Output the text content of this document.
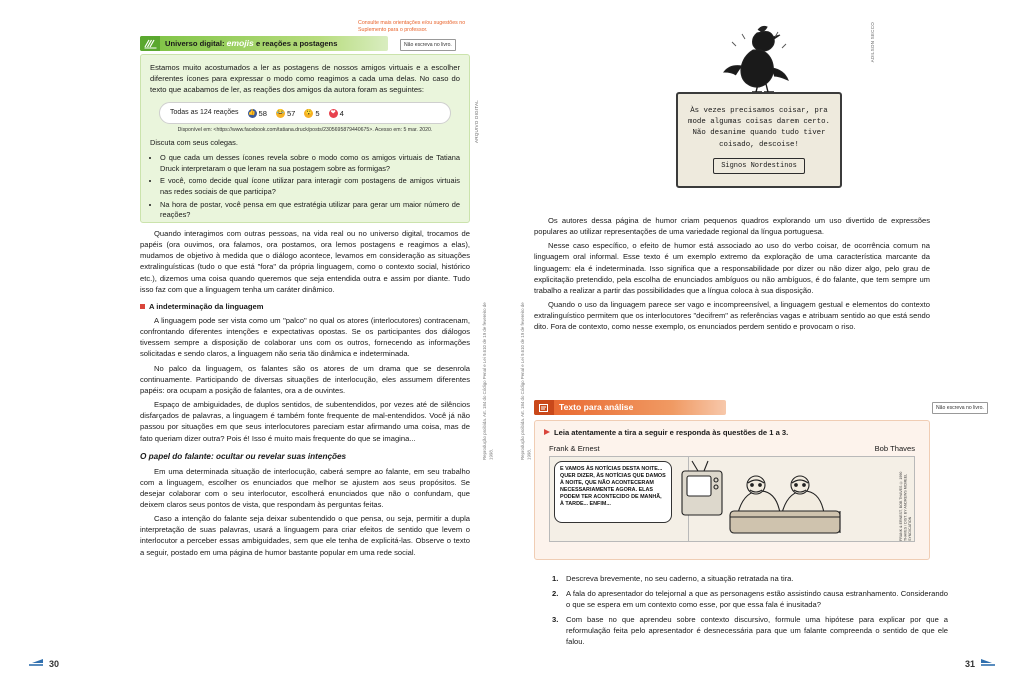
Consulte mais orientações e/ou sugestões no Suplemento para o professor.
Universo digital: emojis e reações a postagens	Não escreva no livro.

Estamos muito acostumados a ler as postagens de nossos amigos virtuais e a escolher diferentes ícones para expressar o modo como reagimos a cada uma delas. No caso do texto que acabamos de ler, as reações dos amigos da autora foram as seguintes:

Todas as 124 reações 👍 58 😂 57 😲 5	❤ 4
Disponível em: <https://www.facebook.com/tatiana.druck/posts/2305695879440675>. Acesso em: 5 mar. 2020.
Discuta com seus colegas.
• O que cada um desses ícones revela sobre o modo como os amigos virtuais de Tatiana Druck interpretaram o que leram na sua postagem sobre as formigas?
• E você, como decide qual ícone utilizar para interagir com postagens de amigos virtuais nas redes sociais de que participa?
• Na hora de postar, você pensa em que estratégia utilizar para gerar um maior número de reações?
ARQUIVO DIGITAL

Quando interagimos com outras pessoas, na vida real ou no universo digital, trocamos de papéis (ora ouvimos, ora falamos, ora postamos, ora lemos postagens e reagimos a elas), mudamos de objetivo à medida que o diálogo acontece, levamos em consideração as situações extralinguísticas (tudo o que está "fora" da própria linguagem, como o contexto social, histórico etc.), dizemos uma coisa quando queremos que seja entendida outra e assim por diante. Tudo isso faz com que a linguagem tenha um caráter dinâmico.

A indeterminação da linguagem

A linguagem pode ser vista como um "palco" no qual os atores (interlocutores) contracenam, confrontando diferentes intenções e expectativas opostas. Se os participantes dos diálogos tivessem sempre a disposição de colaborar uns com os outros, fornecendo as informações solicitadas e sendo claros, a linguagem não seria tão dinâmica e indeterminada.

No palco da linguagem, os falantes são os atores de um drama que se desenrola continuamente. Participando de diversas situações de interlocução, eles assumem diferentes papéis: ora ocupam a posição de falantes, ora a de ouvintes.

Espaço de ambiguidades, de duplos sentidos, de subentendidos, por vezes até de silêncios disfarçados de palavras, a linguagem é também fonte frequente de mal-entendidos. Você já não passou por situações em que seus interlocutores pareciam estar afirmando uma coisa, mas de fato queriam dizer outra? Pois é! Isso é muito mais frequente do que se imagina...

O papel do falante: ocultar ou revelar suas intenções

Em uma determinada situação de interlocução, caberá sempre ao falante, em seu trabalho com a linguagem, escolher os enunciados que melhor se ajustem aos seus propósitos. Se desejar colaborar com o seu interlocutor, escolherá enunciados que não o confundam, que deixem claros seus pontos de vista, que respondam às perguntas feitas.

Caso a intenção do falante seja deixar subentendido o que pensa, ou seja, permitir a dupla interpretação de suas palavras, usará a linguagem para criar efeitos de sentido que levem o interlocutor a perceber essas ambiguidades, sem que ele tenha de explicitá-las. Observe o texto a seguir, postado em uma página de humor bastante popular em uma rede social.

Reprodução proibida. Art. 184 do Código Penal e Lei 9.610 de 19 de fevereiro de 1998.
30
ADILSON SECCO
Às vezes precisamos coisar, pra mode algumas coisas darem certo. Não desanime quando tudo tiver coisado, descoise!
Signos Nordestinos

Os autores dessa página de humor criam pequenos quadros explorando um uso divertido de expressões populares ao utilizar representações de uma variedade regional da língua portuguesa.

Nesse caso específico, o efeito de humor está associado ao uso do verbo coisar, de ocorrência comum na linguagem oral informal. Esse texto é um exemplo extremo da exploração de uma característica marcante da linguagem: ela é indeterminada. Isso significa que a responsabilidade por dizer ou não dizer algo, pelo grau de explicitação pretendido, pela escolha de enunciados ambíguos ou não ambíguos, é do falante, que tem sempre um trabalho a realizar a partir das possibilidades que a língua coloca à sua disposição.

Quando o uso da linguagem parece ser vago e incompreensível, a linguagem gestual e elementos do contexto extralinguístico permitem que os interlocutores "decifrem" as referências vagas e atribuam sentido ao que está sendo dito. Fora de contexto, como nesse exemplo, os enunciados perdem sentido e provocam o riso.

Texto para análise	Não escreva no livro.
Leia atentamente a tira a seguir e responda às questões de 1 a 3.
Frank & Ernest	Bob Thaves
E VAMOS ÀS NOTÍCIAS DESTA NOITE... QUER DIZER, ÀS NOTÍCIAS QUE DAMOS À NOITE, QUE NÃO ACONTECERAM NECESSARIAMENTE AGORA. ELAS PODEM TER ACONTECIDO DE MANHÃ, À TARDE... ENFIM...	FRANK & ERNEST, BOB THAVES © 1990 THAVES / DIST. BY ANDREWS MCMEEL SYNDICATION
1.	Descreva brevemente, no seu caderno, a situação retratada na tira.
2.	A fala do apresentador do telejornal a que as personagens estão assistindo causa estranhamento. Considerando o que se espera em um contexto como esse, por que essa fala é inusitada?
3.	Com base no que aprendeu sobre contexto discursivo, formule uma hipótese para explicar por que a reformulação feita pelo apresentador é desnecessária para que um falante compreenda o sentido de que ele falou.
Reprodução proibida. Art. 184 do Código Penal e Lei 9.610 de 19 de fevereiro de 1998.
31
